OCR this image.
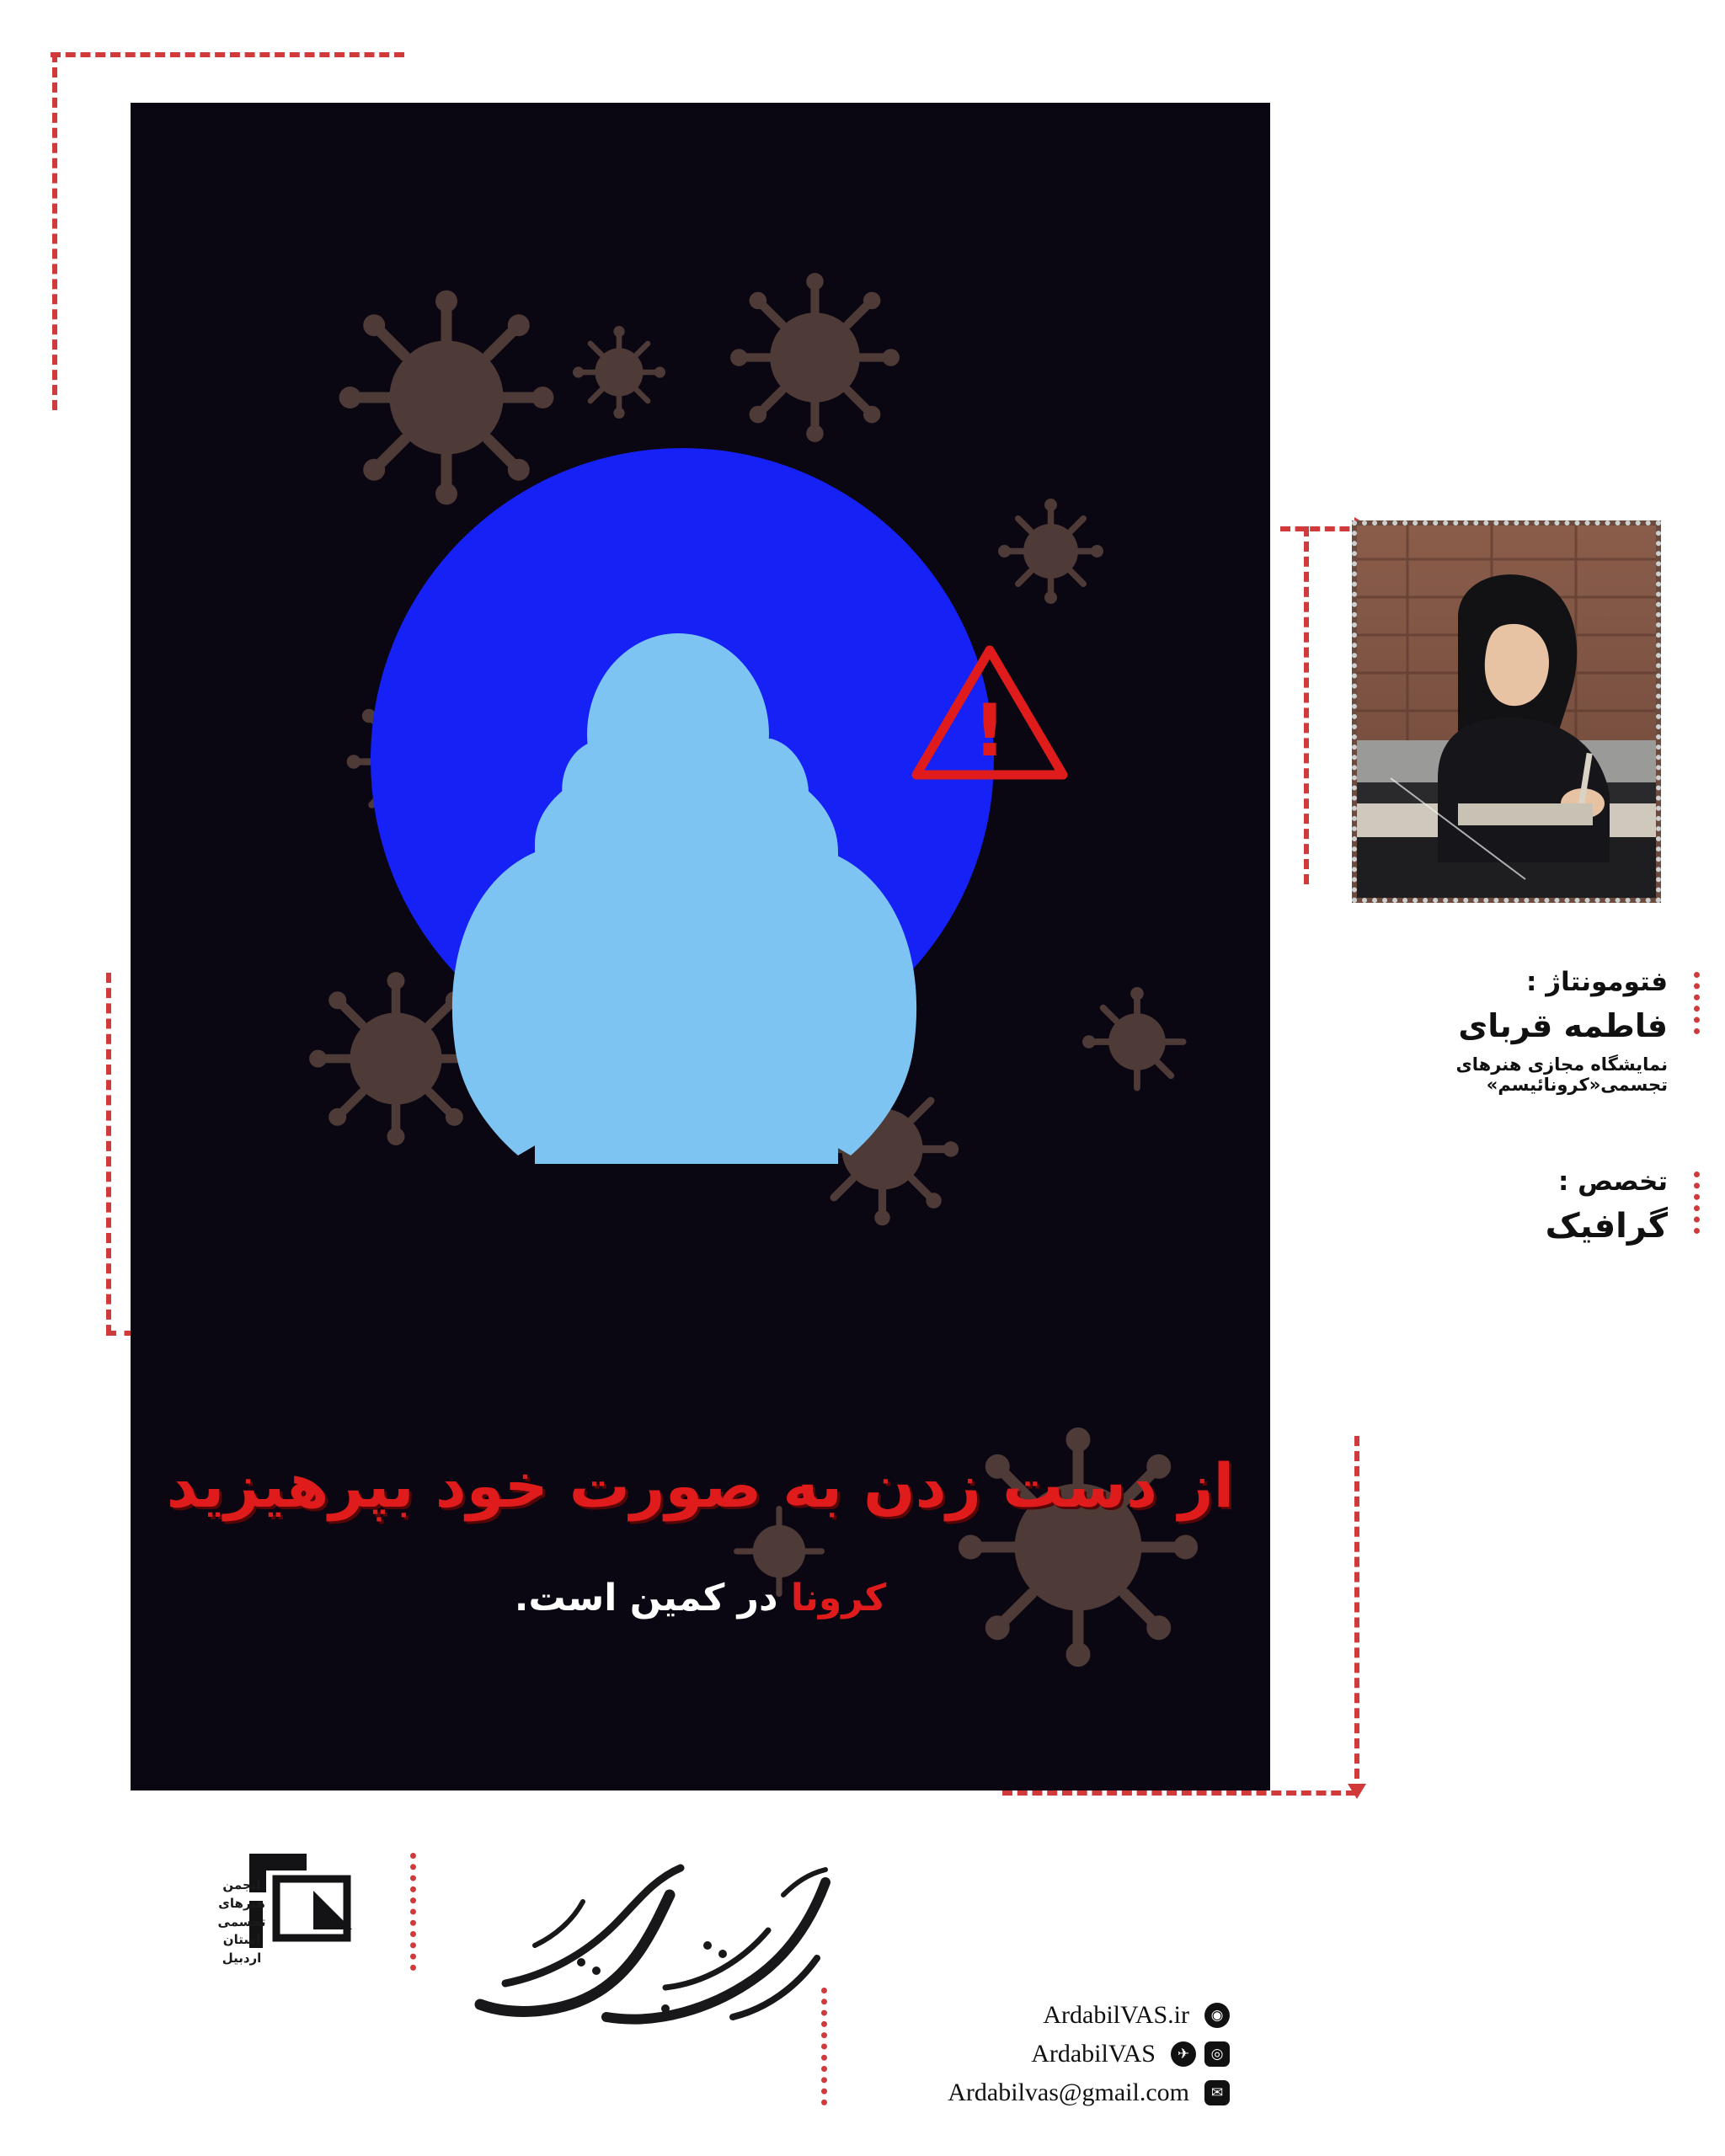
!
از دست زدن به صورت خود بپرهیزید
کرونا در کمین است.
فتومونتاژ :
فاطمه قربای
نمایشگاه مجازی هنرهای تجسمی«کرونائیسم»
تخصص :
گرافیک
انجمن
هنرهای
تجسمی
استان اردبیل
ArdabilVAS.ir	◉
ArdabilVAS	✈	◎
Ardabilvas@gmail.com	✉
